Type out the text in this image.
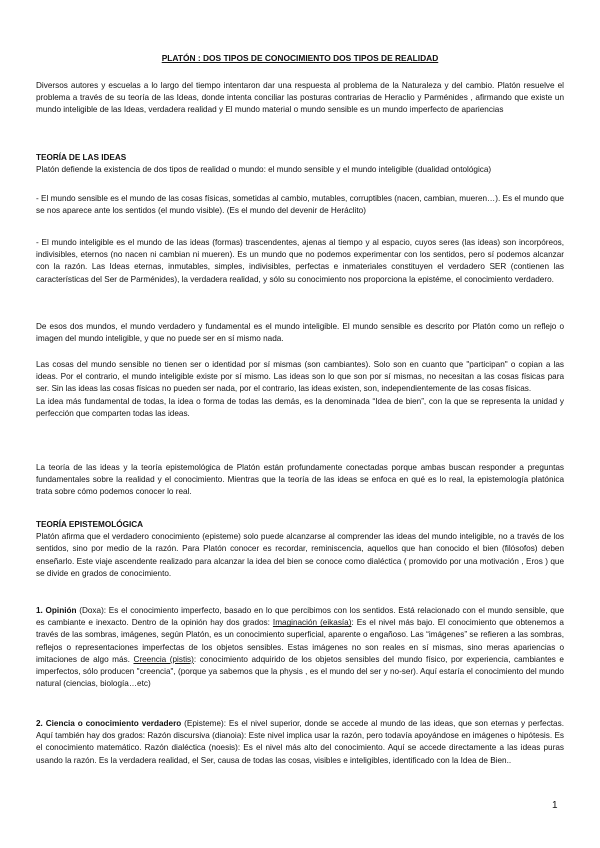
PLATÓN : DOS TIPOS DE CONOCIMIENTO DOS TIPOS DE REALIDAD

Diversos autores y escuelas a lo largo del tiempo intentaron dar una respuesta al problema de la Naturaleza y del cambio. Platón resuelve el problema a través de su teoría de las Ideas, donde intenta conciliar las posturas contrarias de Heraclio y Parménides , afirmando que existe un mundo inteligible de las Ideas, verdadera realidad y El mundo material o mundo sensible es un mundo imperfecto de apariencias

TEORÍA DE LAS IDEAS

Platón defiende la existencia de dos tipos de realidad o mundo: el mundo sensible y el mundo inteligible (dualidad ontológica)

- El mundo sensible es el mundo de las cosas físicas, sometidas al cambio, mutables, corruptibles (nacen, cambian, mueren…). Es el mundo que se nos aparece ante los sentidos (el mundo visible). (Es el mundo del devenir de Heráclito)

- El mundo inteligible es el mundo de las ideas (formas) trascendentes, ajenas al tiempo y al espacio, cuyos seres (las ideas) son incorpóreos, indivisibles, eternos (no nacen ni cambian ni mueren). Es un mundo que no podemos experimentar con los sentidos, pero sí podemos alcanzar con la razón. Las Ideas eternas, inmutables, simples, indivisibles, perfectas e inmateriales constituyen el verdadero SER (contienen las características del Ser de Parménides), la verdadera realidad, y sólo su conocimiento nos proporciona la epistéme, el conocimiento verdadero.

De esos dos mundos, el mundo verdadero y fundamental es el mundo inteligible. El mundo sensible es descrito por Platón como un reflejo o imagen del mundo inteligible, y que no puede ser en sí mismo nada.

Las cosas del mundo sensible no tienen ser o identidad por sí mismas (son cambiantes). Solo son en cuanto que "participan" o copian a las ideas. Por el contrario, el mundo inteligible existe por sí mismo. Las ideas son lo que son por sí mismas, no necesitan a las cosas físicas para ser. Sin las ideas las cosas físicas no pueden ser nada, por el contrario, las ideas existen, son, independientemente de las cosas físicas.

La idea más fundamental de todas, la idea o forma de todas las demás, es la denominada “Idea de bien”, con la que se representa la unidad y perfección que comparten todas las ideas.

La teoría de las ideas y la teoría epistemológica de Platón están profundamente conectadas porque ambas buscan responder a preguntas fundamentales sobre la realidad y el conocimiento. Mientras que la teoría de las ideas se enfoca en qué es lo real, la epistemología platónica trata sobre cómo podemos conocer lo real.

TEORÍA EPISTEMOLÓGICA

Platón afirma que el verdadero conocimiento (episteme) solo puede alcanzarse al comprender las ideas del mundo inteligible, no a través de los sentidos, sino por medio de la razón. Para Platón conocer es recordar, reminiscencia, aquellos que han conocido el bien (filósofos) deben enseñarlo. Este viaje ascendente realizado para alcanzar la idea del bien se conoce como dialéctica ( promovido por una motivación , Eros ) que se divide en grados de conocimiento.

1. Opinión (Doxa): Es el conocimiento imperfecto, basado en lo que percibimos con los sentidos. Está relacionado con el mundo sensible, que es cambiante e inexacto. Dentro de la opinión hay dos grados: Imaginación (eikasía): Es el nivel más bajo. El conocimiento que obtenemos a través de las sombras, imágenes, según Platón, es un conocimiento superficial, aparente o engañoso. Las “imágenes” se refieren a las sombras, reflejos o representaciones imperfectas de los objetos sensibles. Estas imágenes no son reales en sí mismas, sino meras apariencias o imitaciones de algo más. Creencia (pistis): conocimiento adquirido de los objetos sensibles del mundo físico, por experiencia, cambiantes e imperfectos, sólo producen "creencia", (porque ya sabemos que la physis , es el mundo del ser y no-ser). Aquí estaría el conocimiento del mundo natural (ciencias, biología…etc)

2. Ciencia o conocimiento verdadero (Episteme): Es el nivel superior, donde se accede al mundo de las ideas, que son eternas y perfectas. Aquí también hay dos grados: Razón discursiva (dianoia): Este nivel implica usar la razón, pero todavía apoyándose en imágenes o hipótesis. Es el conocimiento matemático. Razón dialéctica (noesis): Es el nivel más alto del conocimiento. Aquí se accede directamente a las ideas puras usando la razón. Es la verdadera realidad, el Ser, causa de todas las cosas, visibles e inteligibles, identificado con la Idea de Bien..

1
